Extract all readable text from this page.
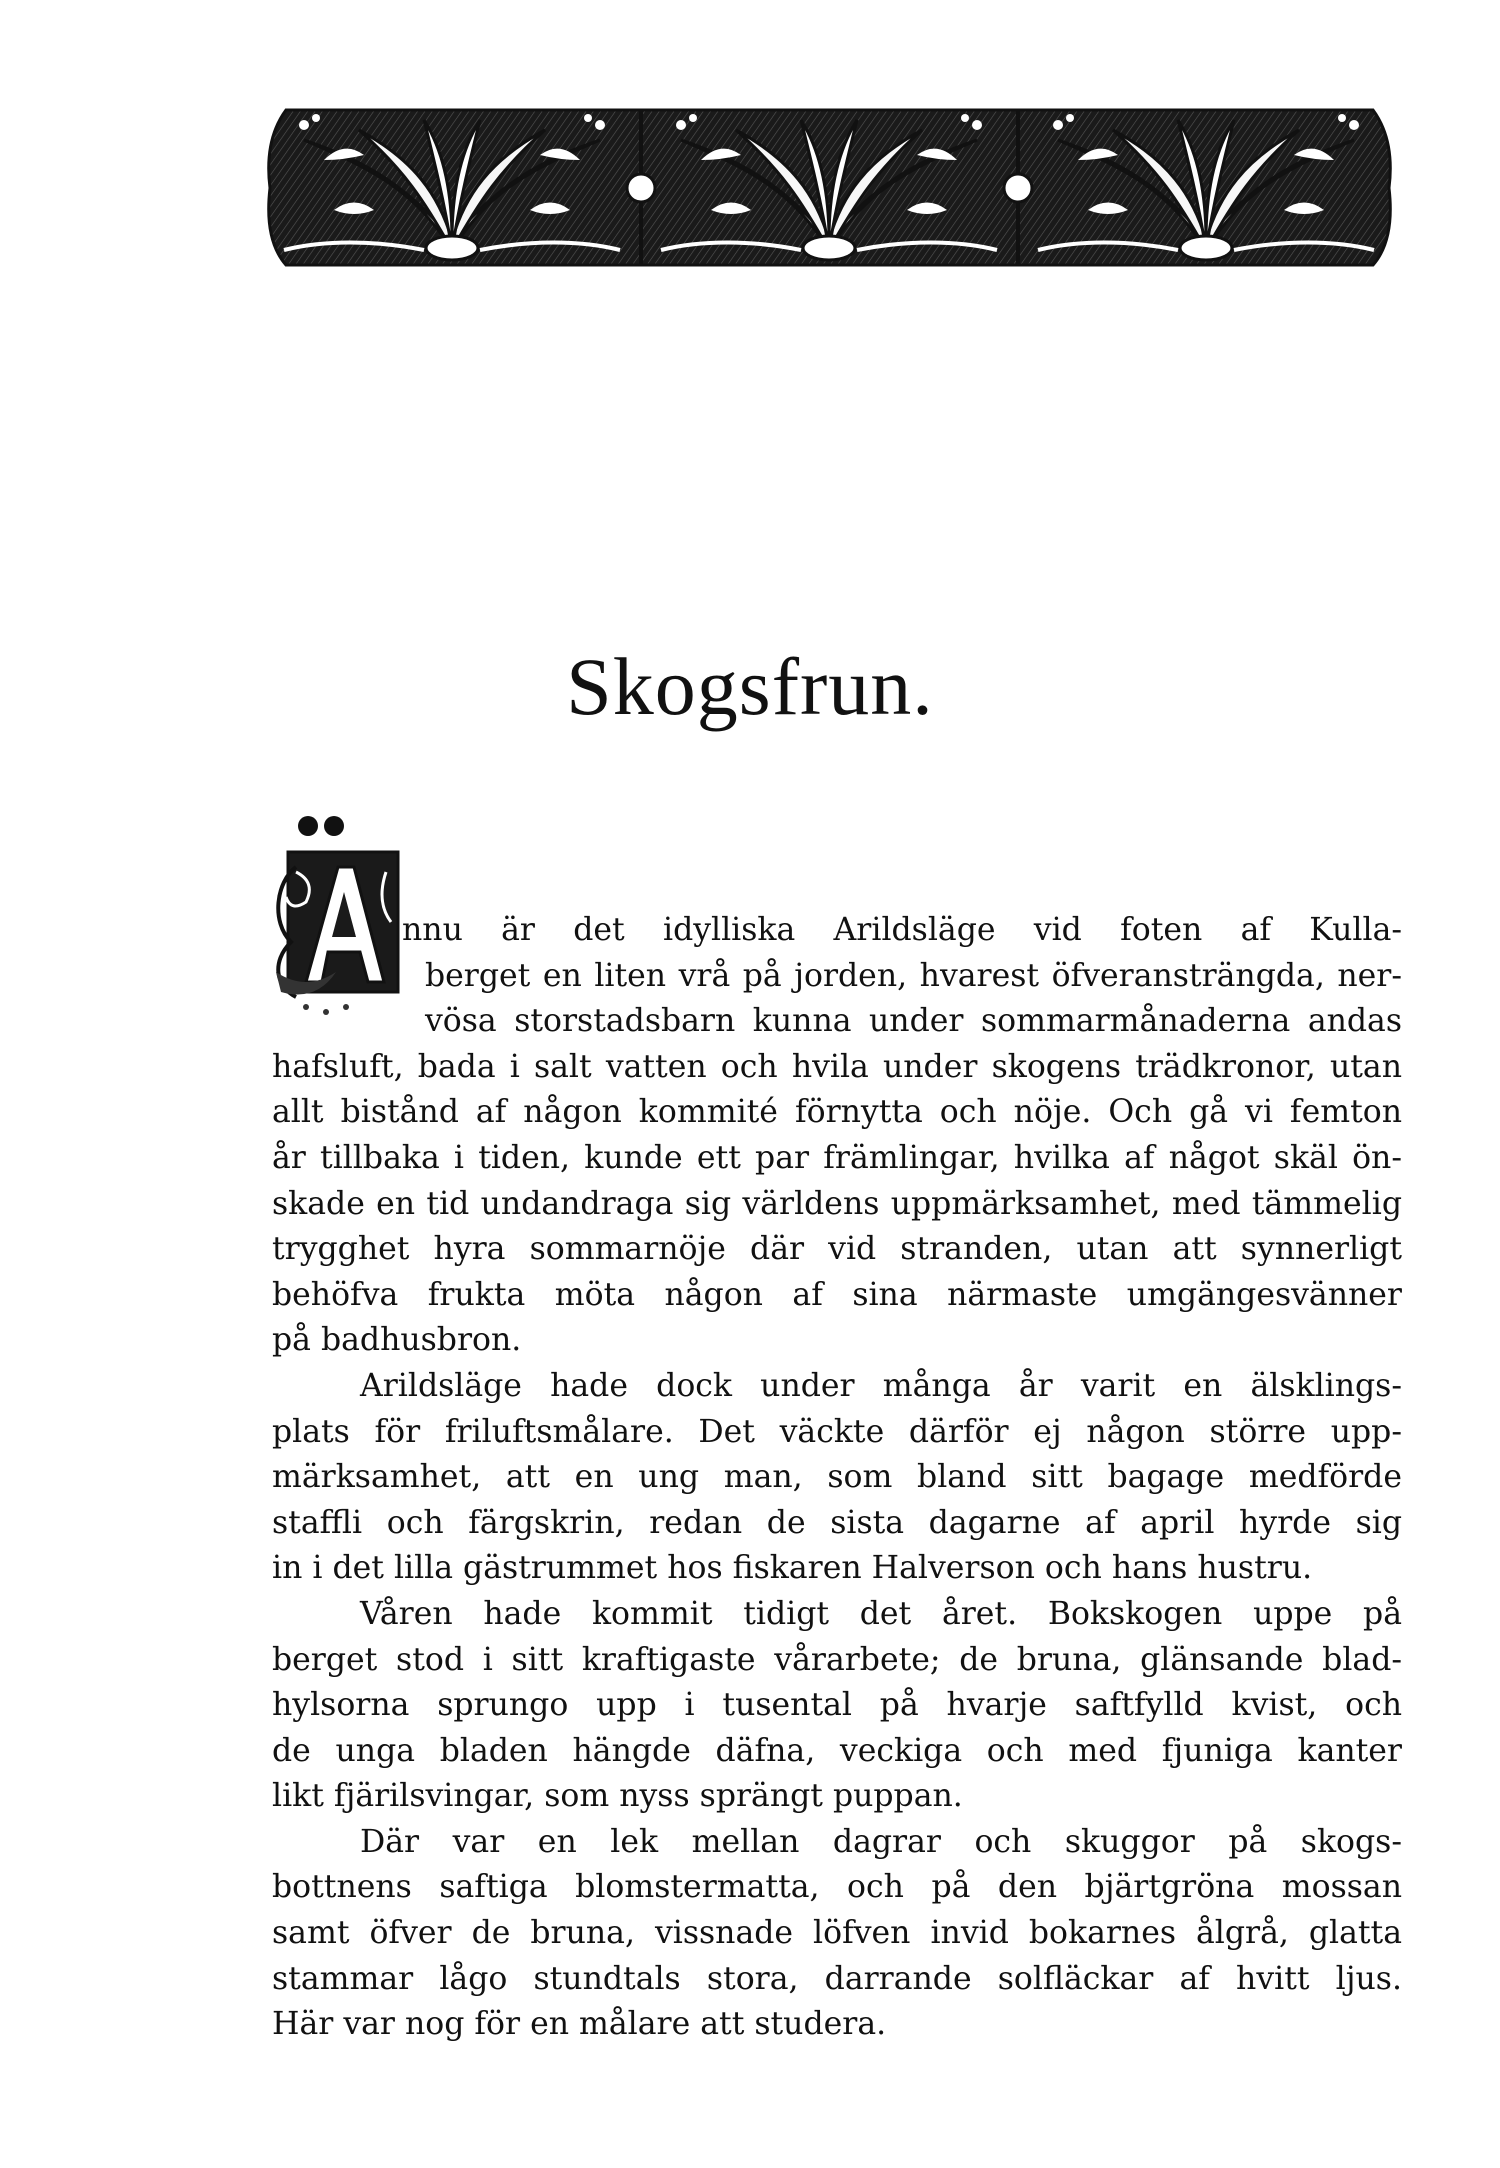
Skogsfrun.
nnu är det idylliska Arildsläge vid foten af Kulla-
berget en liten vrå på jorden, hvarest öfveransträngda, ner-
vösa storstadsbarn kunna under sommarmånaderna andas
hafsluft, bada i salt vatten och hvila under skogens trädkronor, utan
allt bistånd af någon kommité förnytta och nöje. Och gå vi femton
år tillbaka i tiden, kunde ett par främlingar, hvilka af något skäl ön-
skade en tid undandraga sig världens uppmärksamhet, med tämmelig
trygghet hyra sommarnöje där vid stranden, utan att synnerligt
behöfva frukta möta någon af sina närmaste umgängesvänner
på badhusbron.
Arildsläge hade dock under många år varit en älsklings-
plats för friluftsmålare. Det väckte därför ej någon större upp-
märksamhet, att en ung man, som bland sitt bagage medförde
staffli och färgskrin, redan de sista dagarne af april hyrde sig
in i det lilla gästrummet hos fiskaren Halverson och hans hustru.
Våren hade kommit tidigt det året. Bokskogen uppe på
berget stod i sitt kraftigaste vårarbete; de bruna, glänsande blad-
hylsorna sprungo upp i tusental på hvarje saftfylld kvist, och
de unga bladen hängde däfna, veckiga och med fjuniga kanter
likt fjärilsvingar, som nyss sprängt puppan.
Där var en lek mellan dagrar och skuggor på skogs-
bottnens saftiga blomstermatta, och på den bjärtgröna mossan
samt öfver de bruna, vissnade löfven invid bokarnes ålgrå, glatta
stammar lågo stundtals stora, darrande solfläckar af hvitt ljus.
Här var nog för en målare att studera.
